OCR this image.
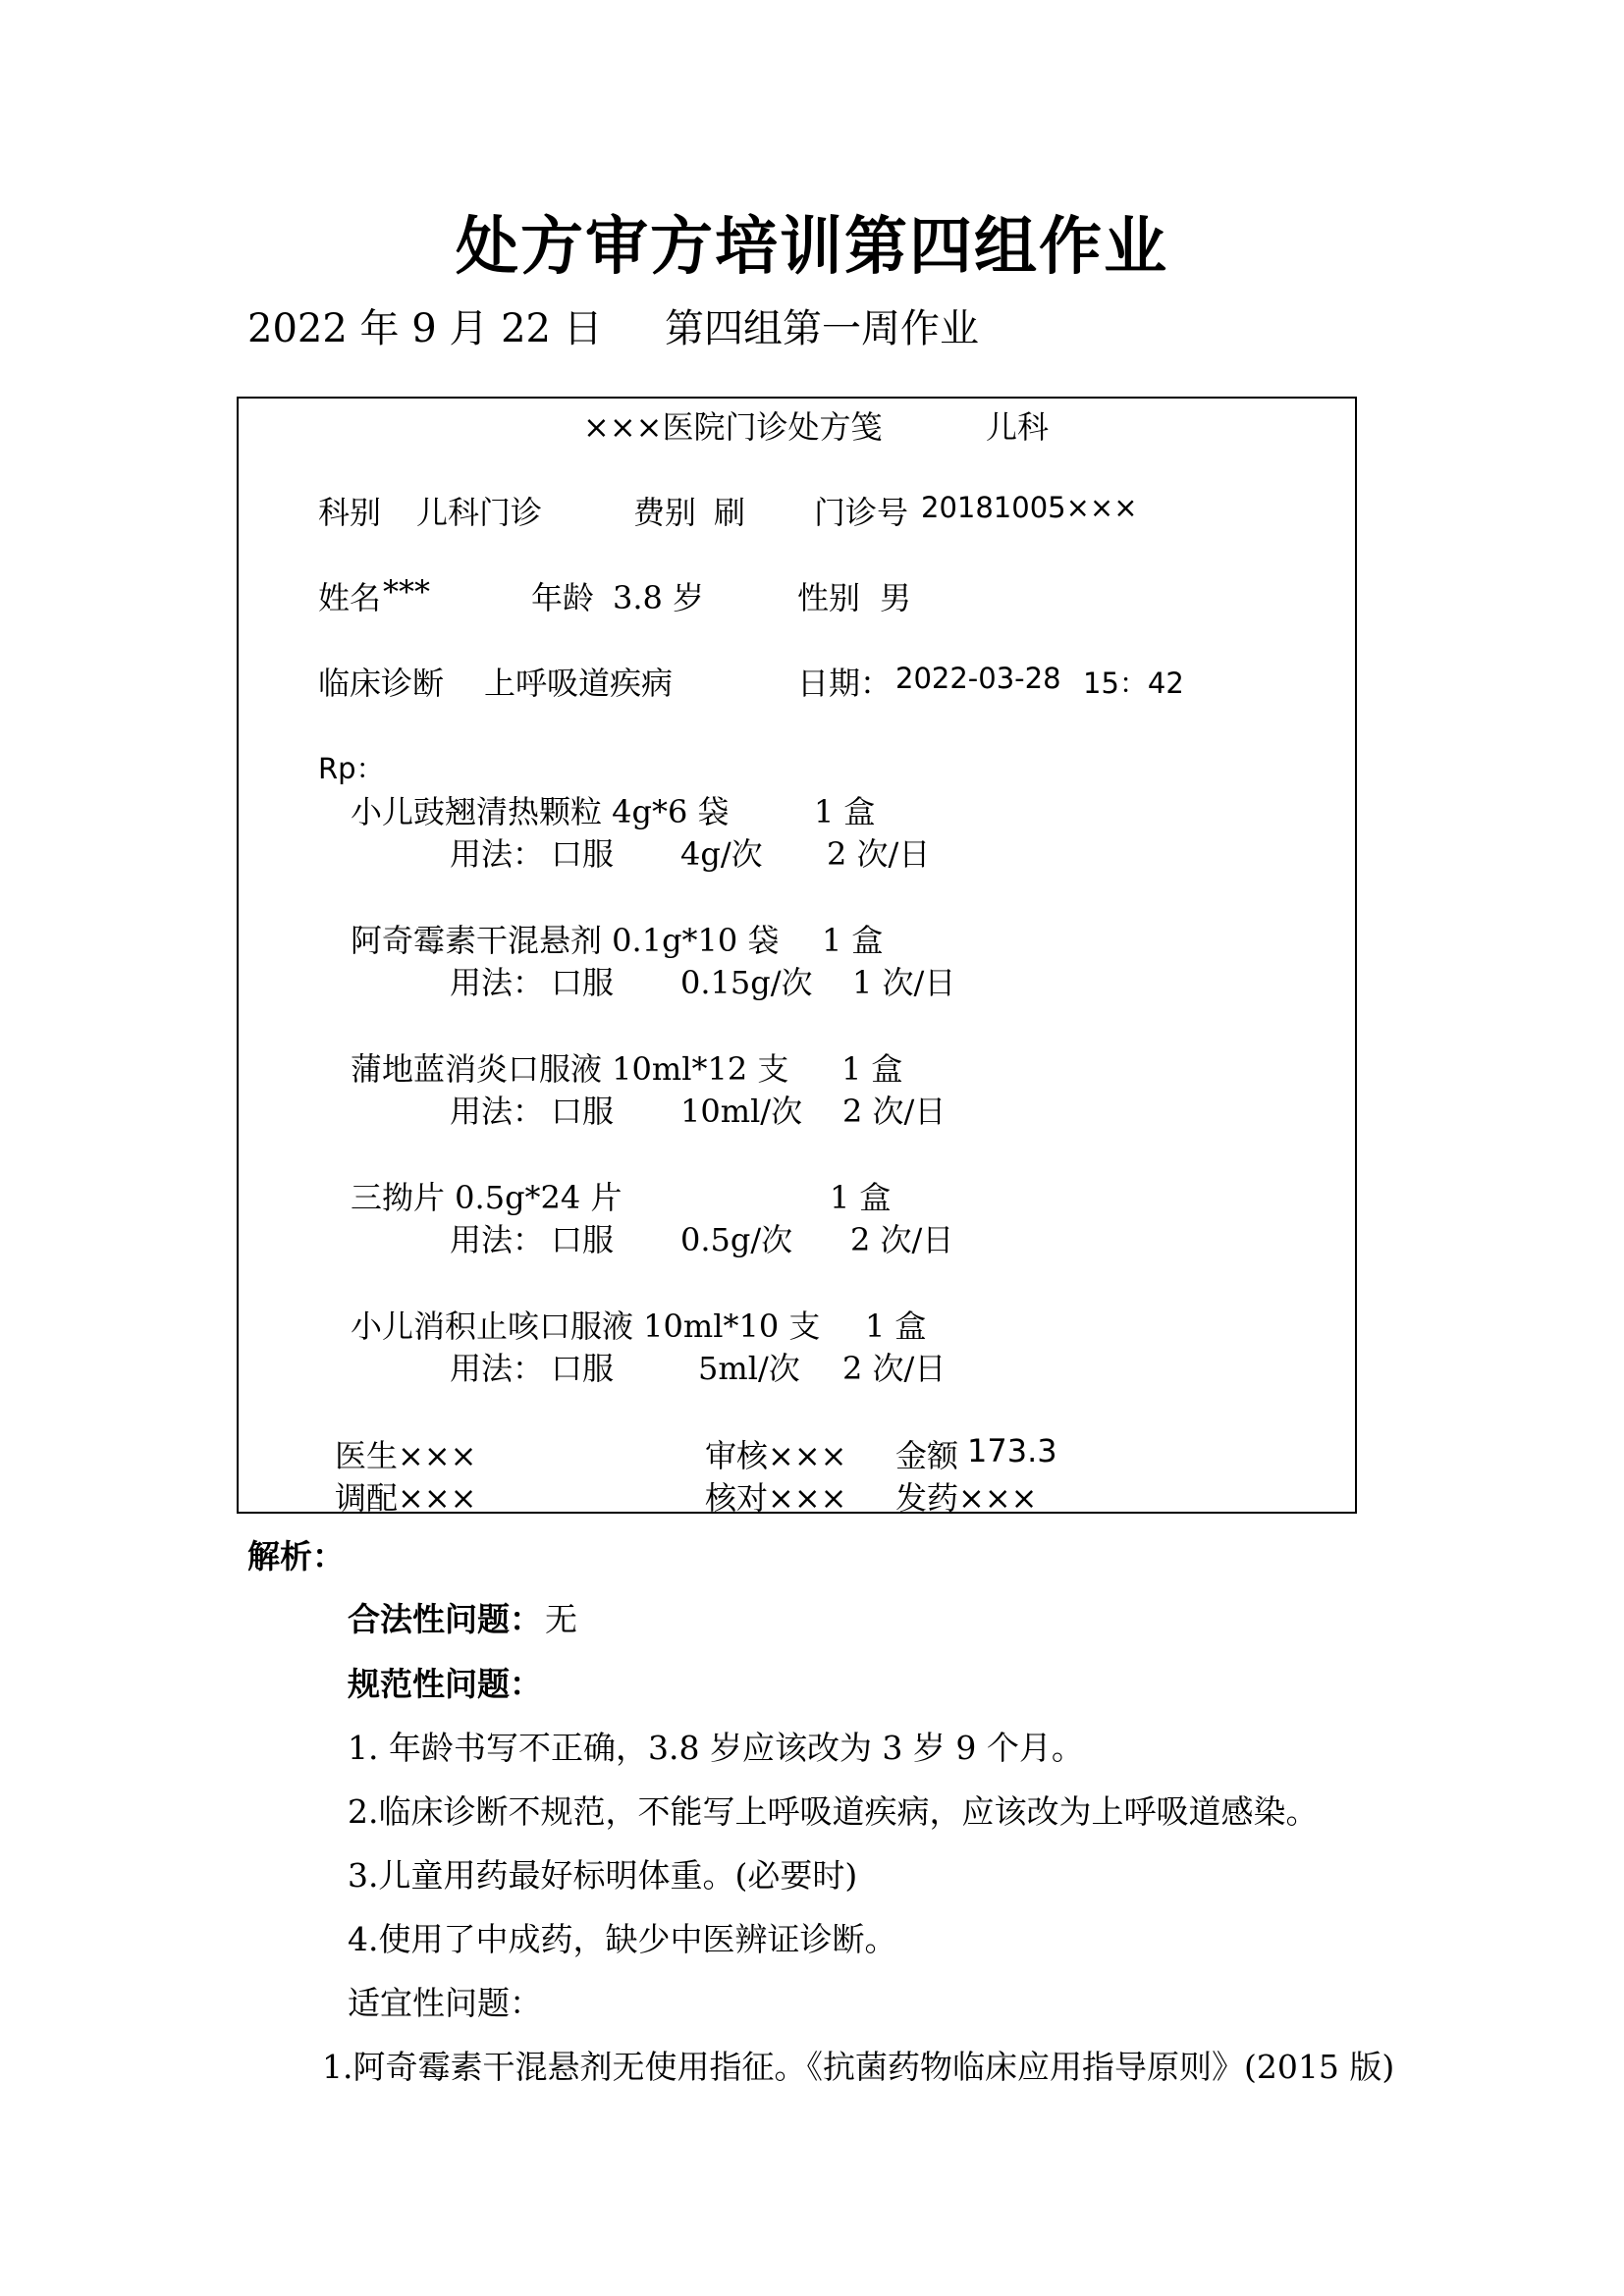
处方审方培训第四组作业
2022 年 9 月 22 日 第四组第一周作业
×××医院门诊处方笺	儿科
科别 儿科门诊	费别 刷 门诊号 20181005×××
姓名 ***	年龄 3.8 岁	性别 男
临床诊断 上呼吸道疾病	日期： 2022-03-28 15：42
Rp：
小儿豉翘清热颗粒 4g*6 袋	1 盒
用法： 口服 4g/次 2 次/日
阿奇霉素干混悬剂 0.1g*10 袋 1 盒
用法： 口服 0.15g/次 1 次/日
蒲地蓝消炎口服液 10ml*12 支 1 盒
用法： 口服 10ml/次 2 次/日
三拗片 0.5g*24 片	1 盒
用法： 口服 0.5g/次 2 次/日
小儿消积止咳口服液 10ml*10 支 1 盒
用法： 口服	5ml/次 2 次/日
医生×××	审核××× 金额 173.3
调配×××	核对××× 发药×××
解析：
合法性问题： 无
规范性问题：
1. 年龄书写不正确，3.8 岁应该改为 3 岁 9 个月。
2.临床诊断不规范，不能写上呼吸道疾病，应该改为上呼吸道感染。
3.儿童用药最好标明体重。(必要时)
4.使用了中成药，缺少中医辨证诊断。
适宜性问题：
1.阿奇霉素干混悬剂无使用指征。《抗菌药物临床应用指导原则》(2015 版)
